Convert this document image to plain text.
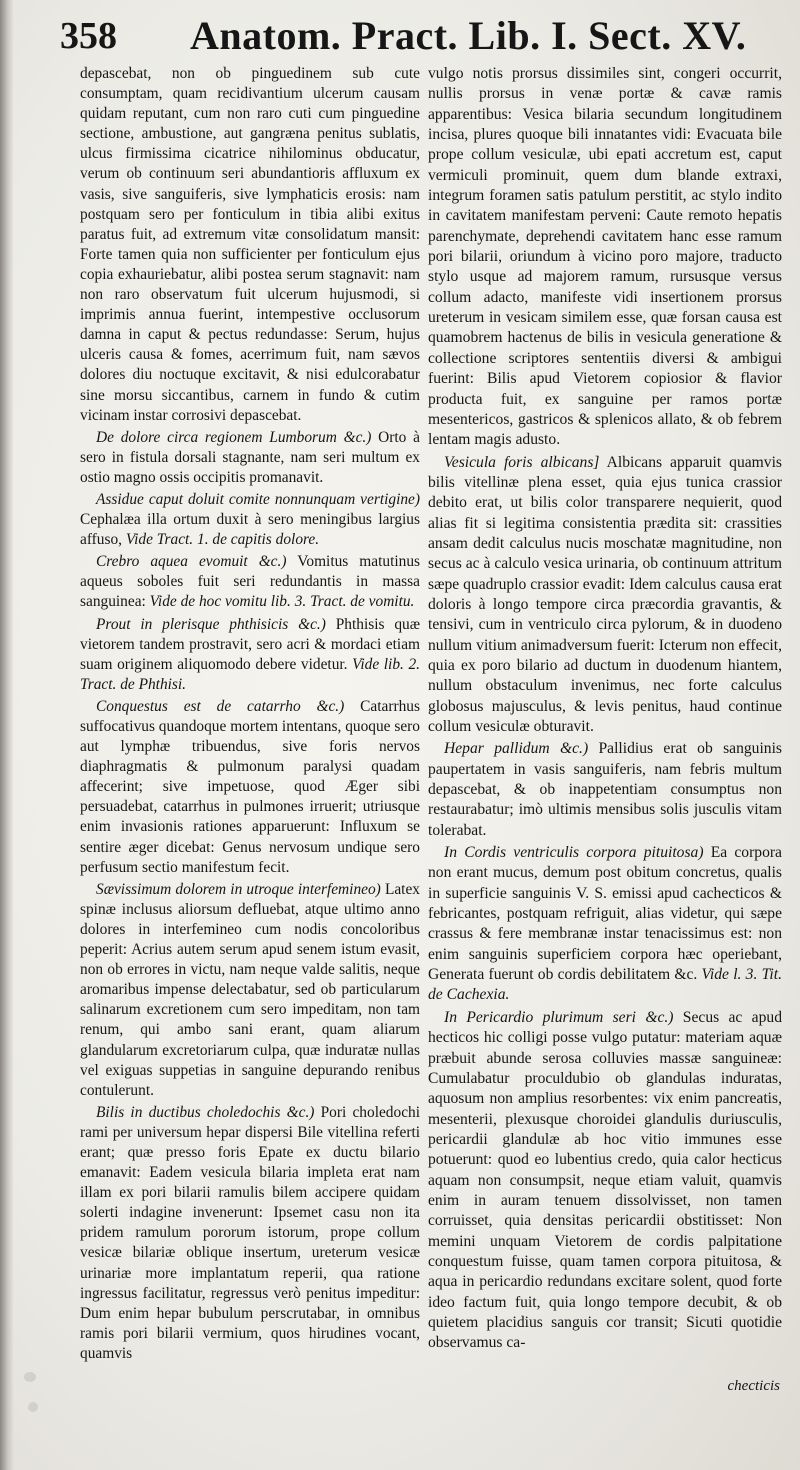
358 Anatom. Pract. Lib. I. Sect. XV.

depascebat, non ob pinguedinem sub cute consumptam, quam recidivantium ulcerum causam quidam reputant, cum non raro cuti cum pinguedine sectione, ambustione, aut gangræna penitus sublatis, ulcus firmissima cicatrice nihilominus obducatur, verum ob continuum seri abundantioris affluxum ex vasis, sive sanguiferis, sive lymphaticis erosis: nam postquam sero per fonticulum in tibia alibi exitus paratus fuit, ad extremum vitæ consolidatum mansit: Forte tamen quia non sufficienter per fonticulum ejus copia exhauriebatur, alibi postea serum stagnavit: nam non raro observatum fuit ulcerum hujusmodi, si imprimis annua fuerint, intempestive occlusorum damna in caput & pectus redundasse: Serum, hujus ulceris causa & fomes, acerrimum fuit, nam sævos dolores diu noctuque excitavit, & nisi edulcorabatur sine morsu siccantibus, carnem in fundo & cutim vicinam instar corrosivi depascebat.

De dolore circa regionem Lumborum &c.) Orto à sero in fistula dorsali stagnante, nam seri multum ex ostio magno ossis occipitis promanavit.

Assidue caput doluit comite nonnunquam vertigine) Cephalæa illa ortum duxit à sero meningibus largius affuso, Vide Tract. 1. de capitis dolore.

Crebro aquea evomuit &c.) Vomitus matutinus aqueus soboles fuit seri redundantis in massa sanguinea: Vide de hoc vomitu lib. 3. Tract. de vomitu.

Prout in plerisque phthisicis &c.) Phthisis quæ vietorem tandem prostravit, sero acri & mordaci etiam suam originem aliquomodo debere videtur. Vide lib. 2. Tract. de Phthisi.

Conquestus est de catarrho &c.) Catarrhus suffocativus quandoque mortem intentans, quoque sero aut lymphæ tribuendus, sive foris nervos diaphragmatis & pulmonum paralysi quadam affecerint; sive impetuose, quod Æger sibi persuadebat, catarrhus in pulmones irruerit; utriusque enim invasionis rationes apparuerunt: Influxum se sentire æger dicebat: Genus nervosum undique sero perfusum sectio manifestum fecit.

Sævissimum dolorem in utroque interfemineo) Latex spinæ inclusus aliorsum defluebat, atque ultimo anno dolores in interfemineo cum nodis concoloribus peperit: Acrius autem serum apud senem istum evasit, non ob errores in victu, nam neque valde salitis, neque aromaribus impense delectabatur, sed ob particularum salinarum excretionem cum sero impeditam, non tam renum, qui ambo sani erant, quam aliarum glandularum excretoriarum culpa, quæ induratæ nullas vel exiguas suppetias in sanguine depurando renibus contulerunt.

Bilis in ductibus choledochis &c.) Pori choledochi rami per universum hepar dispersi Bile vitellina referti erant; quæ presso foris Epate ex ductu bilario emanavit: Eadem vesicula bilaria impleta erat nam illam ex pori bilarii ramulis bilem accipere quidam solerti indagine invenerunt: Ipsemet casu non ita pridem ramulum pororum istorum, prope collum vesicæ bilariæ oblique insertum, ureterum vesicæ urinariæ more implantatum reperii, qua ratione ingressus facilitatur, regressus verò penitus impeditur: Dum enim hepar bubulum perscrutabar, in omnibus ramis pori bilarii vermium, quos hirudines vocant, quamvis

vulgo notis prorsus dissimiles sint, congeri occurrit, nullis prorsus in venæ portæ & cavæ ramis apparentibus: Vesica bilaria secundum longitudinem incisa, plures quoque bili innatantes vidi: Evacuata bile prope collum vesiculæ, ubi epati accretum est, caput vermiculi prominuit, quem dum blande extraxi, integrum foramen satis patulum perstitit, ac stylo indito in cavitatem manifestam perveni: Caute remoto hepatis parenchymate, deprehendi cavitatem hanc esse ramum pori bilarii, oriundum à vicino poro majore, traducto stylo usque ad majorem ramum, rursusque versus collum adacto, manifeste vidi insertionem prorsus ureterum in vesicam similem esse, quæ forsan causa est quamobrem hactenus de bilis in vesicula generatione & collectione scriptores sententiis diversi & ambigui fuerint: Bilis apud Vietorem copiosior & flavior producta fuit, ex sanguine per ramos portæ mesentericos, gastricos & splenicos allato, & ob febrem lentam magis adusto.

Vesicula foris albicans] Albicans apparuit quamvis bilis vitellinæ plena esset, quia ejus tunica crassior debito erat, ut bilis color transparere nequierit, quod alias fit si legitima consistentia prædita sit: crassities ansam dedit calculus nucis moschatæ magnitudine, non secus ac à calculo vesica urinaria, ob continuum attritum sæpe quadruplo crassior evadit: Idem calculus causa erat doloris à longo tempore circa præcordia gravantis, & tensivi, cum in ventriculo circa pylorum, & in duodeno nullum vitium animadversum fuerit: Icterum non effecit, quia ex poro bilario ad ductum in duodenum hiantem, nullum obstaculum invenimus, nec forte calculus globosus majusculus, & levis penitus, haud continue collum vesiculæ obturavit.

Hepar pallidum &c.) Pallidius erat ob sanguinis paupertatem in vasis sanguiferis, nam febris multum depascebat, & ob inappetentiam consumptus non restaurabatur; imò ultimis mensibus solis jusculis vitam tolerabat.

In Cordis ventriculis corpora pituitosa) Ea corpora non erant mucus, demum post obitum concretus, qualis in superficie sanguinis V. S. emissi apud cachecticos & febricantes, postquam refriguit, alias videtur, qui sæpe crassus & fere membranæ instar tenacissimus est: non enim sanguinis superficiem corpora hæc operiebant, Generata fuerunt ob cordis debilitatem &c. Vide l. 3. Tit. de Cachexia.

In Pericardio plurimum seri &c.) Secus ac apud hecticos hic colligi posse vulgo putatur: materiam aquæ præbuit abunde serosa colluvies massæ sanguineæ: Cumulabatur proculdubio ob glandulas induratas, aquosum non amplius resorbentes: vix enim pancreatis, mesenterii, plexusque choroidei glandulis duriusculis, pericardii glandulæ ab hoc vitio immunes esse potuerunt: quod eo lubentius credo, quia calor hecticus aquam non consumpsit, neque etiam valuit, quamvis enim in auram tenuem dissolvisset, non tamen corruisset, quia densitas pericardii obstitisset: Non memini unquam Vietorem de cordis palpitatione conquestum fuisse, quam tamen corpora pituitosa, & aqua in pericardio redundans excitare solent, quod forte ideo factum fuit, quia longo tempore decubit, & ob quietem placidius sanguis cor transit; Sicuti quotidie observamus ca-

checticis
